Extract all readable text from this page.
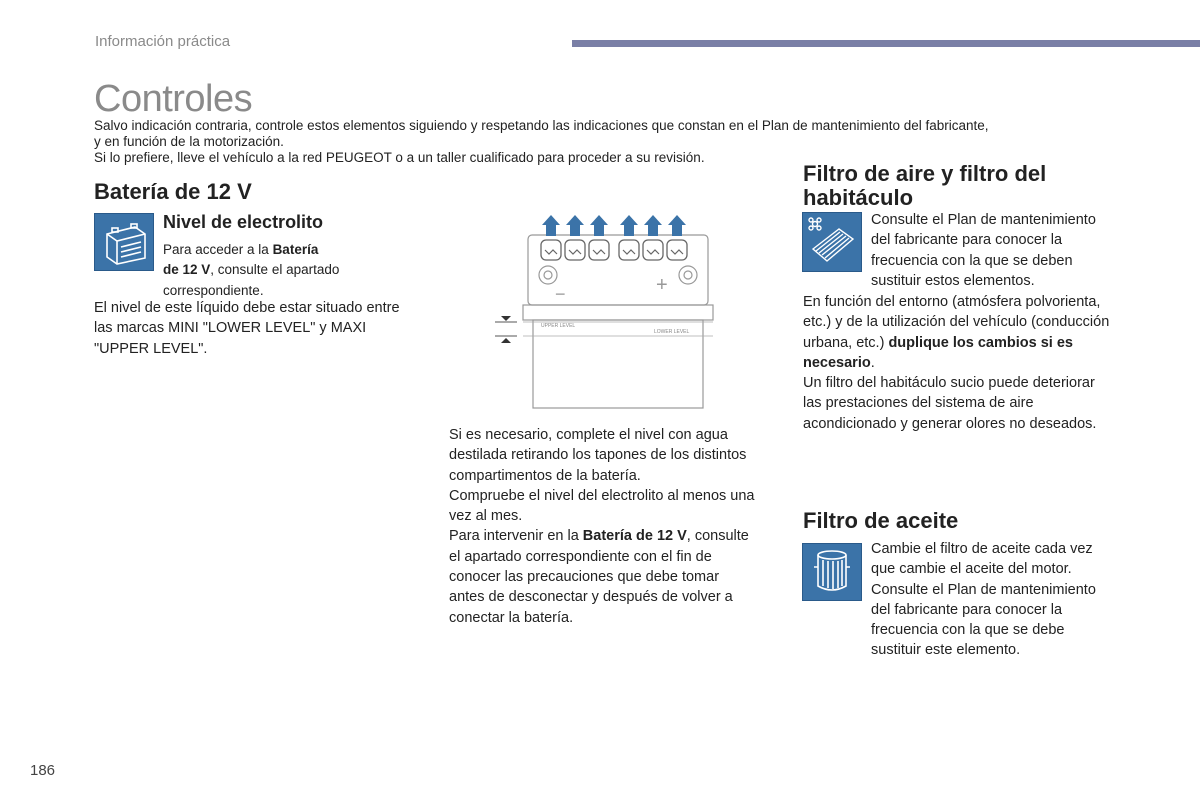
Información práctica
Controles
Salvo indicación contraria, controle estos elementos siguiendo y respetando las indicaciones que constan en el Plan de mantenimiento del fabricante,
y en función de la motorización.
Si lo prefiere, lleve el vehículo a la red PEUGEOT o a un taller cualificado para proceder a su revisión.
Batería de 12 V
Nivel de electrolito
Para acceder a la Batería
de 12 V, consulte el apartado
correspondiente.
El nivel de este líquido debe estar situado entre
las marcas MINI "LOWER LEVEL" y MAXI
"UPPER LEVEL".
−	+
UPPER LEVEL
LOWER LEVEL
Si es necesario, complete el nivel con agua
destilada retirando los tapones de los distintos
compartimentos de la batería.
Compruebe el nivel del electrolito al menos una
vez al mes.
Para intervenir en la Batería de 12 V, consulte
el apartado correspondiente con el fin de
conocer las precauciones que debe tomar
antes de desconectar y después de volver a
conectar la batería.
Filtro de aire y filtro del
habitáculo
Consulte el Plan de mantenimiento
del fabricante para conocer la
frecuencia con la que se deben
sustituir estos elementos.
En función del entorno (atmósfera polvorienta,
etc.) y de la utilización del vehículo (conducción
urbana, etc.) duplique los cambios si es
necesario.
Un filtro del habitáculo sucio puede deteriorar
las prestaciones del sistema de aire
acondicionado y generar olores no deseados.
Filtro de aceite
Cambie el filtro de aceite cada vez
que cambie el aceite del motor.
Consulte el Plan de mantenimiento
del fabricante para conocer la
frecuencia con la que se debe
sustituir este elemento.
186
